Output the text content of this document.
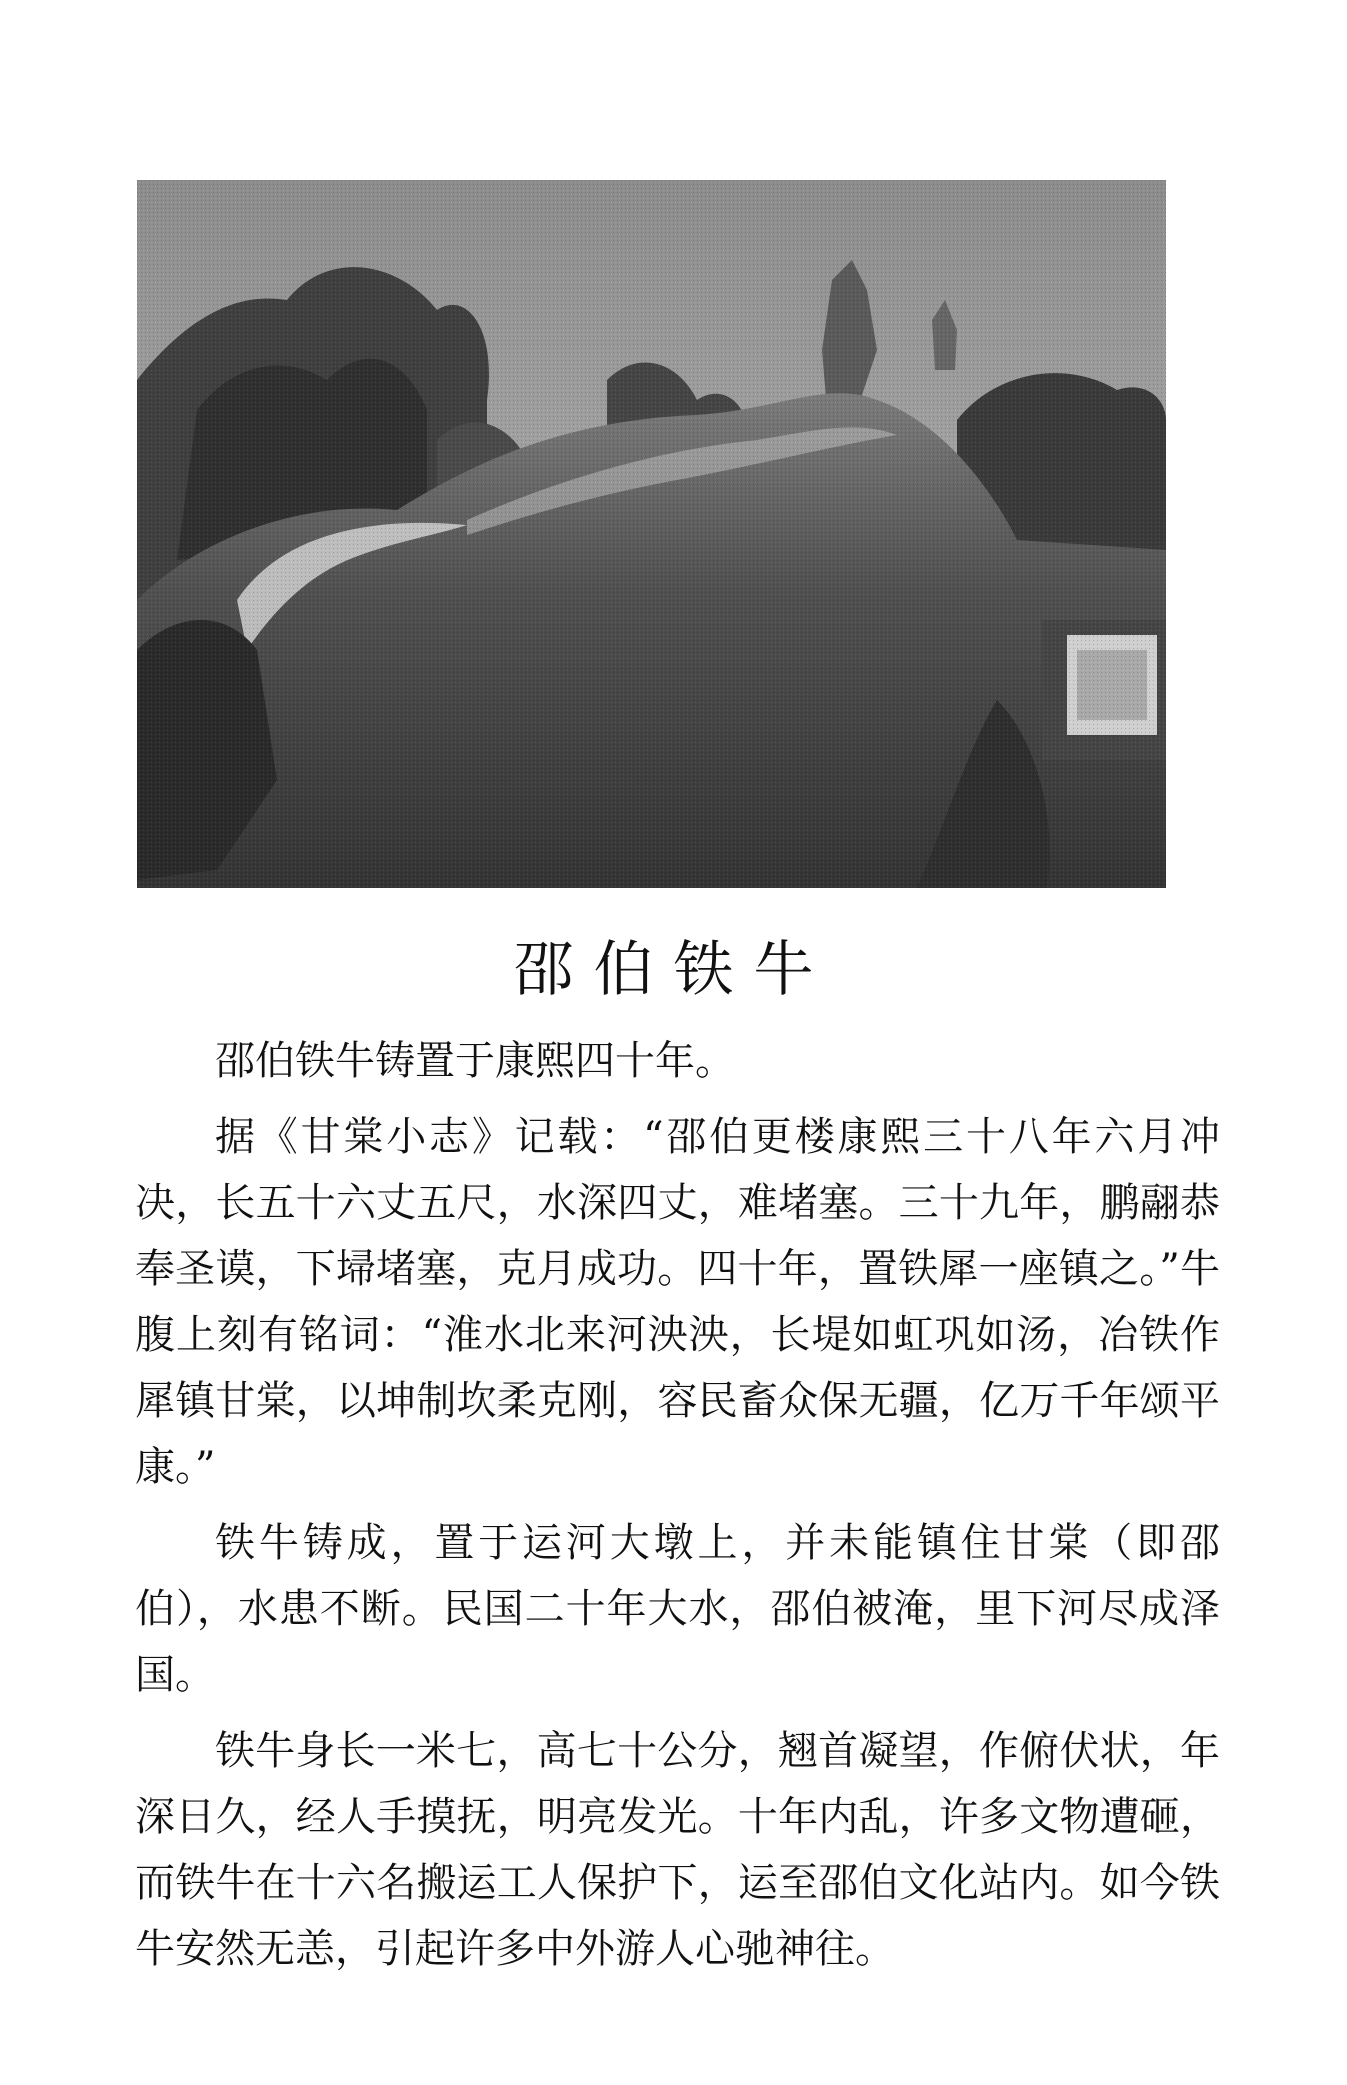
邵伯铁牛

邵伯铁牛铸置于康熙四十年。

据《甘棠小志》记载：“邵伯更楼康熙三十八年六月冲决，长五十六丈五尺，水深四丈，难堵塞。三十九年，鹏翮恭奉圣谟，下埽堵塞，克月成功。四十年，置铁犀一座镇之。”牛腹上刻有铭词：“淮水北来河泱泱，长堤如虹巩如汤，冶铁作犀镇甘棠，以坤制坎柔克刚，容民畜众保无疆，亿万千年颂平康。”

铁牛铸成，置于运河大墩上，并未能镇住甘棠（即邵伯），水患不断。民国二十年大水，邵伯被淹，里下河尽成泽国。

铁牛身长一米七，高七十公分，翘首凝望，作俯伏状，年深日久，经人手摸抚，明亮发光。十年内乱，许多文物遭砸，而铁牛在十六名搬运工人保护下，运至邵伯文化站内。如今铁牛安然无恙，引起许多中外游人心驰神往。
